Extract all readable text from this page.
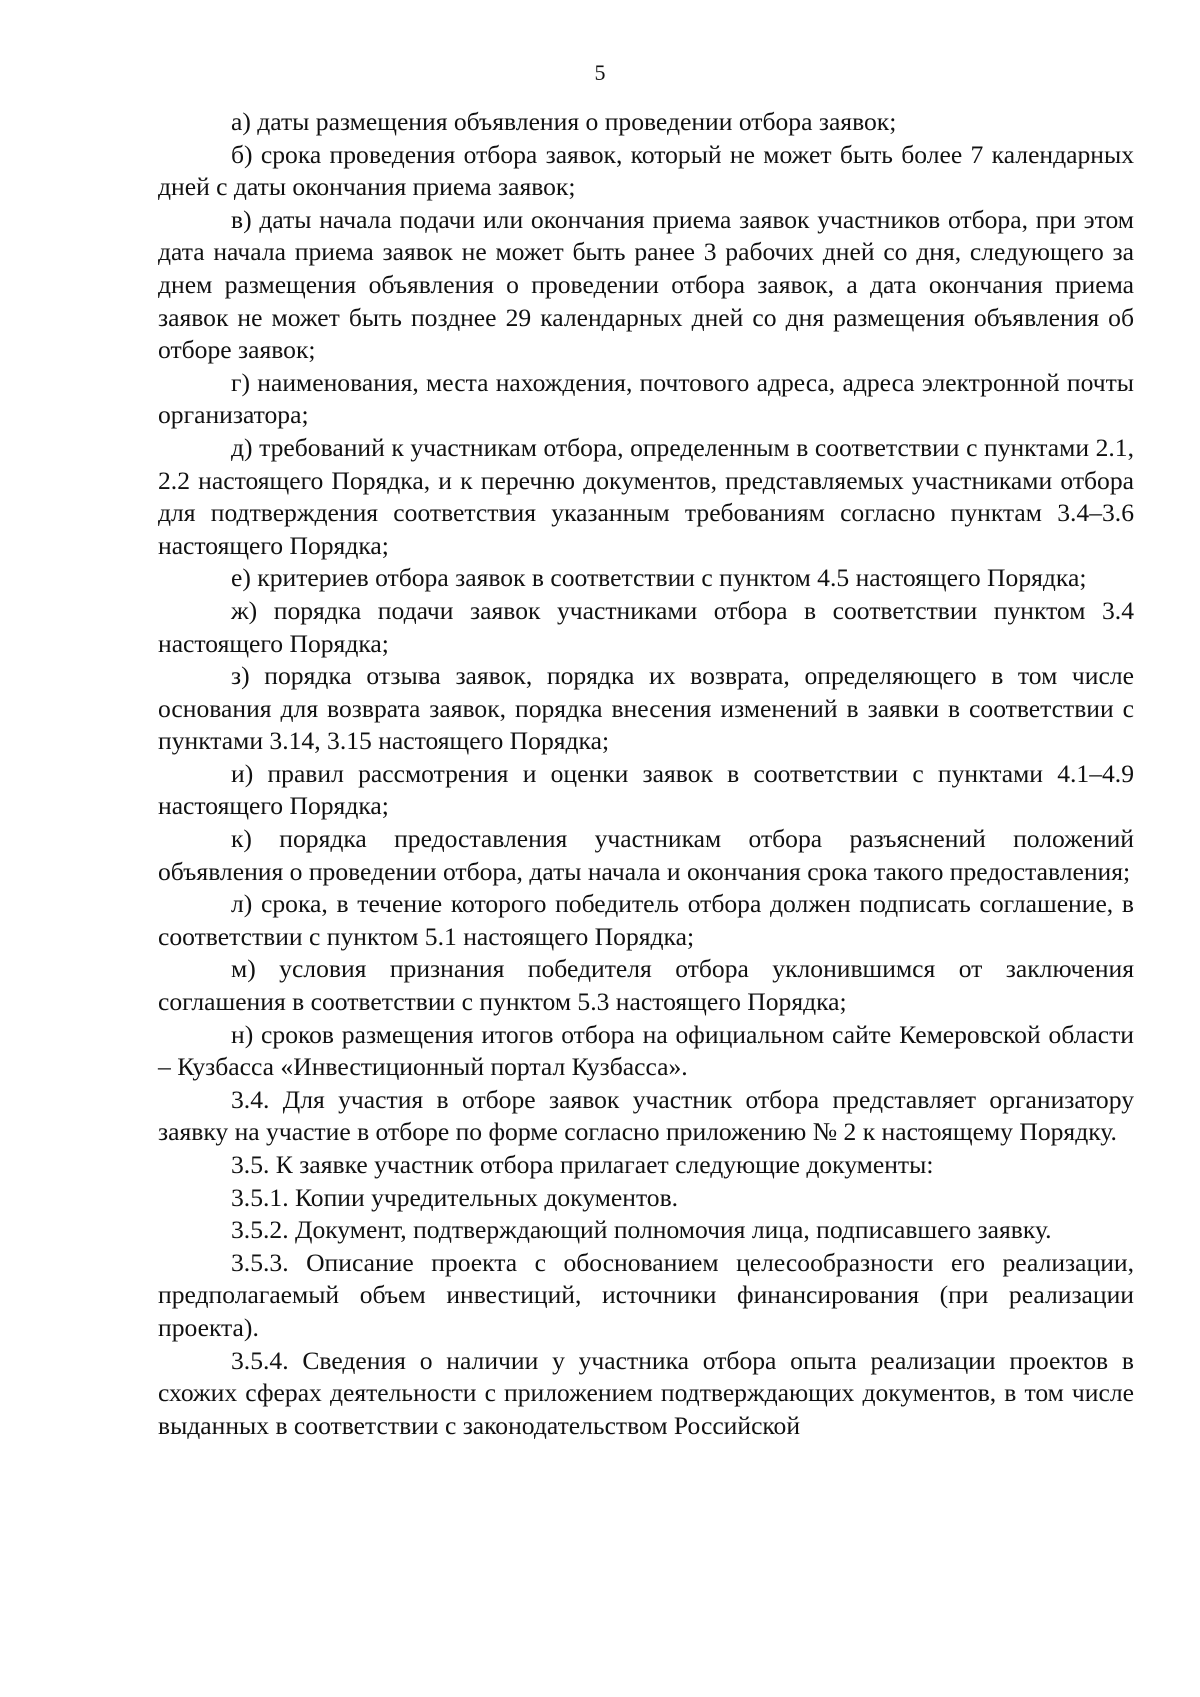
5

а) даты размещения объявления о проведении отбора заявок;

б) срока проведения отбора заявок, который не может быть более 7 календарных дней с даты окончания приема заявок;

в) даты начала подачи или окончания приема заявок участников отбора, при этом дата начала приема заявок не может быть ранее 3 рабочих дней со дня, следующего за днем размещения объявления о проведении отбора заявок, а дата окончания приема заявок не может быть позднее 29 календарных дней со дня размещения объявления об отборе заявок;

г) наименования, места нахождения, почтового адреса, адреса электронной почты организатора;

д) требований к участникам отбора, определенным в соответствии с пунктами 2.1, 2.2 настоящего Порядка, и к перечню документов, представляемых участниками отбора для подтверждения соответствия указанным требованиям согласно пунктам 3.4–3.6 настоящего Порядка;

е) критериев отбора заявок в соответствии с пунктом 4.5 настоящего Порядка;

ж) порядка подачи заявок участниками отбора в соответствии пунктом 3.4 настоящего Порядка;

з) порядка отзыва заявок, порядка их возврата, определяющего в том числе основания для возврата заявок, порядка внесения изменений в заявки в соответствии с пунктами 3.14, 3.15 настоящего Порядка;

и) правил рассмотрения и оценки заявок в соответствии с пунктами 4.1–4.9 настоящего Порядка;

к) порядка предоставления участникам отбора разъяснений положений объявления о проведении отбора, даты начала и окончания срока такого предоставления;

л) срока, в течение которого победитель отбора должен подписать соглашение, в соответствии с пунктом 5.1 настоящего Порядка;

м) условия признания победителя отбора уклонившимся от заключения соглашения в соответствии с пунктом 5.3 настоящего Порядка;

н) сроков размещения итогов отбора на официальном сайте Кемеровской области – Кузбасса «Инвестиционный портал Кузбасса».

3.4. Для участия в отборе заявок участник отбора представляет организатору заявку на участие в отборе по форме согласно приложению № 2 к настоящему Порядку.

3.5. К заявке участник отбора прилагает следующие документы:

3.5.1. Копии учредительных документов.

3.5.2. Документ, подтверждающий полномочия лица, подписавшего заявку.

3.5.3. Описание проекта с обоснованием целесообразности его реализации, предполагаемый объем инвестиций, источники финансирования (при реализации проекта).

3.5.4. Сведения о наличии у участника отбора опыта реализации проектов в схожих сферах деятельности с приложением подтверждающих документов, в том числе выданных в соответствии с законодательством Российской
